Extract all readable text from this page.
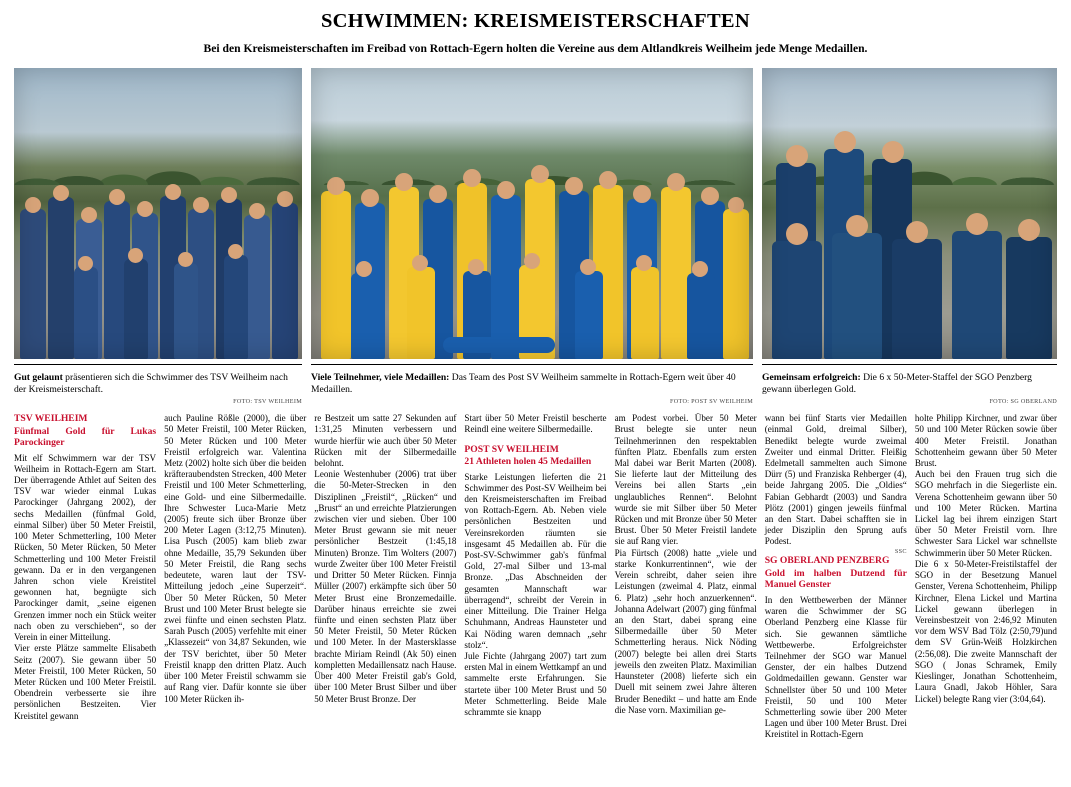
SCHWIMMEN: KREISMEISTERSCHAFTEN
Bei den Kreismeisterschaften im Freibad von Rottach-Egern holten die Vereine aus dem Altlandkreis Weilheim jede Menge Medaillen.
Gut gelaunt präsentieren sich die Schwimmer des TSV Weilheim nach der Kreismeisterschaft.
FOTO: TSV WEILHEIM
Viele Teilnehmer, viele Medaillen: Das Team des Post SV Weilheim sammelte in Rottach-Egern weit über 40 Medaillen.
FOTO: POST SV WEILHEIM
Gemeinsam erfolgreich: Die 6 x 50-Meter-Staffel der SGO Penzberg gewann überlegen Gold.
FOTO: SG OBERLAND
TSV WEILHEIM
Fünfmal Gold für Lukas Parockinger

Mit elf Schwimmern war der TSV Weilheim in Rottach-Egern am Start. Der überragende Athlet auf Seiten des TSV war wieder einmal Lukas Parockinger (Jahrgang 2002), der sechs Medaillen (fünfmal Gold, einmal Silber) über 50 Meter Freistil, 100 Meter Schmetterling, 100 Meter Rücken, 50 Meter Rücken, 50 Meter Schmetterling und 100 Meter Freistil gewann. Da er in den vergangenen Jahren schon viele Kreistitel gewonnen hat, begnügte sich Parockinger damit, „seine eigenen Grenzen immer noch ein Stück weiter nach oben zu verschieben“, so der Verein in einer Mitteilung.

Vier erste Plätze sammelte Elisabeth Seitz (2007). Sie gewann über 50 Meter Freistil, 100 Meter Rücken, 50 Meter Rücken und 100 Meter Freistil. Obendrein verbesserte sie ihre persönlichen Bestzeiten. Vier Kreistitel gewann

auch Pauline Rößle (2000), die über 50 Meter Freistil, 100 Meter Rücken, 50 Meter Rücken und 100 Meter Freistil erfolgreich war. Valentina Metz (2002) holte sich über die beiden kräfteraubendsten Strecken, 400 Meter Freistil und 100 Meter Schmetterling, eine Gold- und eine Silbermedaille. Ihre Schwester Luca-Marie Metz (2005) freute sich über Bronze über 200 Meter Lagen (3:12,75 Minuten). Lisa Pusch (2005) kam blieb zwar ohne Medaille, 35,79 Sekunden über 50 Meter Freistil, die Rang sechs bedeutete, waren laut der TSV-Mitteilung jedoch „eine Superzeit“. Über 50 Meter Rücken, 50 Meter Brust und 100 Meter Brust belegte sie zwei fünfte und einen sechsten Platz. Sarah Pusch (2005) verfehlte mit einer „Klassezeit“ von 34,87 Sekunden, wie der TSV berichtet, über 50 Meter Freistil knapp den dritten Platz. Auch über 100 Meter Freistil schwamm sie auf Rang vier. Dafür konnte sie über 100 Meter Rücken ih-

re Bestzeit um satte 27 Sekunden auf 1:31,25 Minuten verbessern und wurde hierfür wie auch über 50 Meter Rücken mit der Silbermedaille belohnt.

Leonie Westenhuber (2006) trat über die 50-Meter-Strecken in den Disziplinen „Freistil“, „Rücken“ und „Brust“ an und erreichte Platzierungen zwischen vier und sieben. Über 100 Meter Brust gewann sie mit neuer persönlicher Bestzeit (1:45,18 Minuten) Bronze. Tim Wolters (2007) wurde Zweiter über 100 Meter Freistil und Dritter 50 Meter Rücken. Finnja Müller (2007) erkämpfte sich über 50 Meter Brust eine Bronzemedaille. Darüber hinaus erreichte sie zwei fünfte und einen sechsten Platz über 50 Meter Freistil, 50 Meter Rücken und 100 Meter. In der Mastersklasse brachte Miriam Reindl (Ak 50) einen kompletten Medaillensatz nach Hause. Über 400 Meter Freistil gab's Gold, über 100 Meter Brust Silber und über 50 Meter Brust Bronze. Der

Start über 50 Meter Freistil bescherte Reindl eine weitere Silbermedaille.

POST SV WEILHEIM
21 Athleten holen 45 Medaillen

Starke Leistungen lieferten die 21 Schwimmer des Post-SV Weilheim bei den Kreismeisterschaften im Freibad von Rottach-Egern. Ab. Neben viele persönlichen Bestzeiten und Vereinsrekorden räumten sie insgesamt 45 Medaillen ab. Für die Post-SV-Schwimmer gab's fünfmal Gold, 27-mal Silber und 13-mal Bronze. „Das Abschneiden der gesamten Mannschaft war überragend“, schreibt der Verein in einer Mitteilung. Die Trainer Helga Schuhmann, Andreas Haunsteter und Kai Nöding waren demnach „sehr stolz“.

Jule Fichte (Jahrgang 2007) tart zum ersten Mal in einem Wettkampf an und sammelte erste Erfahrungen. Sie startete über 100 Meter Brust und 50 Meter Schmetterling. Beide Male schrammte sie knapp

am Podest vorbei. Über 50 Meter Brust belegte sie unter neun Teilnehmerinnen den respektablen fünften Platz. Ebenfalls zum ersten Mal dabei war Berit Marten (2008). Sie lieferte laut der Mitteilung des Vereins bei allen Starts „ein unglaubliches Rennen“. Belohnt wurde sie mit Silber über 50 Meter Rücken und mit Bronze über 50 Meter Brust. Über 50 Meter Freistil landete sie auf Rang vier.

Pia Fürtsch (2008) hatte „viele und starke Konkurrentinnen“, wie der Verein schreibt, daher seien ihre Leistungen (zweimal 4. Platz, einmal 6. Platz) „sehr hoch anzuerkennen“. Johanna Adelwart (2007) ging fünfmal an den Start, dabei sprang eine Silbermedaille über 50 Meter Schmetterling heraus. Nick Nöding (2007) belegte bei allen drei Starts jeweils den zweiten Platz. Maximilian Haunsteter (2008) lieferte sich ein Duell mit seinem zwei Jahre älteren Bruder Benedikt – und hatte am Ende die Nase vorn. Maximilian ge-

wann bei fünf Starts vier Medaillen (einmal Gold, dreimal Silber), Benedikt belegte wurde zweimal Zweiter und einmal Dritter. Fleißig Edelmetall sammelten auch Simone Dürr (5) und Franziska Rehberger (4), beide Jahrgang 2005. Die „Oldies“ Fabian Gebhardt (2003) und Sandra Plötz (2001) gingen jeweils fünfmal an den Start. Dabei schafften sie in jeder Disziplin den Sprung aufs Podest.

SSC
SG OBERLAND PENZBERG
Gold im halben Dutzend für Manuel Genster

In den Wettbewerben der Männer waren die Schwimmer der SG Oberland Penzberg eine Klasse für sich. Sie gewannen sämtliche Wettbewerbe. Erfolgreichster Teilnehmer der SGO war Manuel Genster, der ein halbes Dutzend Goldmedaillen gewann. Genster war Schnellster über 50 und 100 Meter Freistil, 50 und 100 Meter Schmetterling sowie über 200 Meter Lagen und über 100 Meter Brust. Drei Kreistitel in Rottach-Egern

holte Philipp Kirchner, und zwar über 50 und 100 Meter Rücken sowie über 400 Meter Freistil. Jonathan Schottenheim gewann über 50 Meter Brust.

Auch bei den Frauen trug sich die SGO mehrfach in die Siegerliste ein. Verena Schottenheim gewann über 50 und 100 Meter Rücken. Martina Lickel lag bei ihrem einzigen Start über 50 Meter Freistil vorn. Ihre Schwester Sara Lickel war schnellste Schwimmerin über 50 Meter Rücken.

Die 6 x 50-Meter-Freistilstaffel der SGO in der Besetzung Manuel Genster, Verena Schottenheim, Philipp Kirchner, Elena Lickel und Martina Lickel gewann überlegen in Vereinsbestzeit von 2:46,92 Minuten vor dem WSV Bad Tölz (2:50,79)und dem SV Grün-Weiß Holzkirchen (2:56,08). Die zweite Mannschaft der SGO ( Jonas Schramek, Emily Kieslinger, Jonathan Schottenheim, Laura Gnadl, Jakob Höhler, Sara Lickel) belegte Rang vier (3:04,64).
